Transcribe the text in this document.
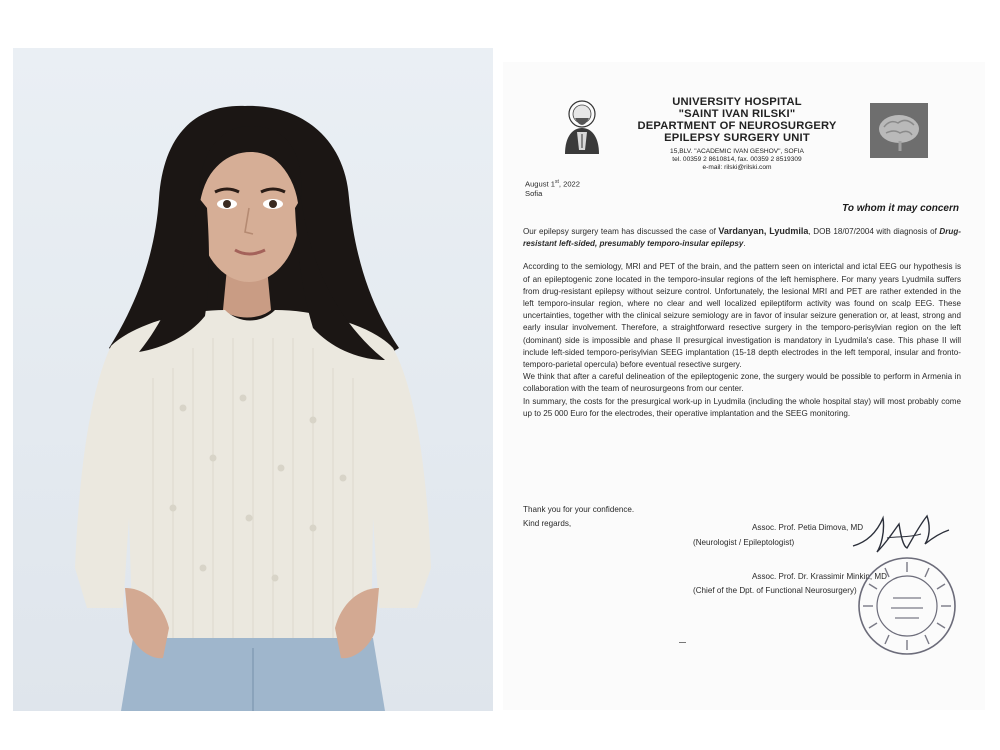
UNIVERSITY HOSPITAL
"SAINT IVAN RILSKI"
DEPARTMENT OF NEUROSURGERY
EPILEPSY SURGERY UNIT
15,BLV. "ACADEMIC IVAN GESHOV", SOFIA
tel. 00359 2 8610814, fax. 00359 2 8519309
e-mail: rilski@rilski.com
August 1st, 2022
Sofia
To whom it may concern

Our epilepsy surgery team has discussed the case of Vardanyan, Lyudmila, DOB 18/07/2004 with diagnosis of Drug-resistant left-sided, presumably temporo-insular epilepsy.

According to the semiology, MRI and PET of the brain, and the pattern seen on interictal and ictal EEG our hypothesis is of an epileptogenic zone located in the temporo-insular regions of the left hemisphere. For many years Lyudmila suffers from drug-resistant epilepsy without seizure control. Unfortunately, the lesional MRI and PET are rather extended in the left temporo-insular region, where no clear and well localized epileptiform activity was found on scalp EEG. These uncertainties, together with the clinical seizure semiology are in favor of insular seizure generation or, at least, strong and early insular involvement. Therefore, a straightforward resective surgery in the temporo-perisylvian region on the left (dominant) side is impossible and phase II presurgical investigation is mandatory in Lyudmila's case. This phase II will include left-sided temporo-perisylvian SEEG implantation (15-18 depth electrodes in the left temporal, insular and fronto-temporo-parietal opercula) before eventual resective surgery.

We think that after a careful delineation of the epileptogenic zone, the surgery would be possible to perform in Armenia in collaboration with the team of neurosurgeons from our center.

In summary, the costs for the presurgical work-up in Lyudmila (including the whole hospital stay) will most probably come up to 25 000 Euro for the electrodes, their operative implantation and the SEEG monitoring.

Thank you for your confidence.
Kind regards,	Assoc. Prof. Petia Dimova, MD
(Neurologist / Epileptologist)
Assoc. Prof. Dr. Krassimir Minkin, MD
(Chief of the Dpt. of Functional Neurosurgery)
